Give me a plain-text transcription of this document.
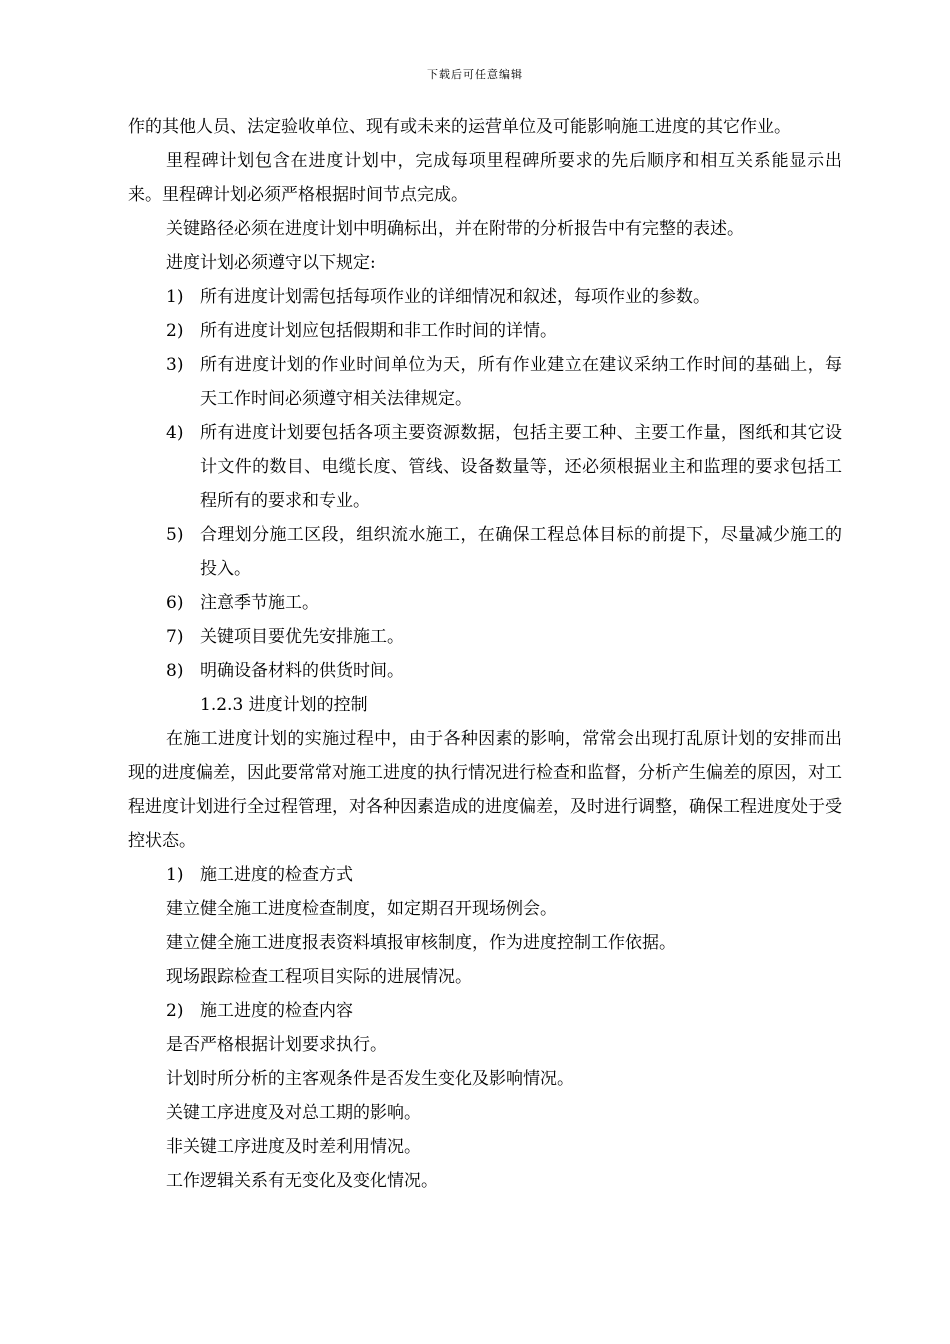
下载后可任意编辑

作的其他人员、法定验收单位、现有或未来的运营单位及可能影响施工进度的其它作业。

里程碑计划包含在进度计划中，完成每项里程碑所要求的先后顺序和相互关系能显示出来。里程碑计划必须严格根据时间节点完成。

关键路径必须在进度计划中明确标出，并在附带的分析报告中有完整的表述。

进度计划必须遵守以下规定:

1) 所有进度计划需包括每项作业的详细情况和叙述，每项作业的参数。
2) 所有进度计划应包括假期和非工作时间的详情。
3) 所有进度计划的作业时间单位为天，所有作业建立在建议采纳工作时间的基础上，每天工作时间必须遵守相关法律规定。
4) 所有进度计划要包括各项主要资源数据，包括主要工种、主要工作量，图纸和其它设计文件的数目、电缆长度、管线、设备数量等，还必须根据业主和监理的要求包括工程所有的要求和专业。
5) 合理划分施工区段，组织流水施工，在确保工程总体目标的前提下，尽量减少施工的投入。
6) 注意季节施工。
7) 关键项目要优先安排施工。
8) 明确设备材料的供货时间。
1.2.3 进度计划的控制

在施工进度计划的实施过程中，由于各种因素的影响，常常会出现打乱原计划的安排而出现的进度偏差，因此要常常对施工进度的执行情况进行检查和监督，分析产生偏差的原因，对工程进度计划进行全过程管理，对各种因素造成的进度偏差，及时进行调整，确保工程进度处于受控状态。

1) 施工进度的检查方式
建立健全施工进度检查制度，如定期召开现场例会。
建立健全施工进度报表资料填报审核制度，作为进度控制工作依据。
现场跟踪检查工程项目实际的进展情况。
2) 施工进度的检查内容
是否严格根据计划要求执行。
计划时所分析的主客观条件是否发生变化及影响情况。
关键工序进度及对总工期的影响。
非关键工序进度及时差利用情况。
工作逻辑关系有无变化及变化情况。
